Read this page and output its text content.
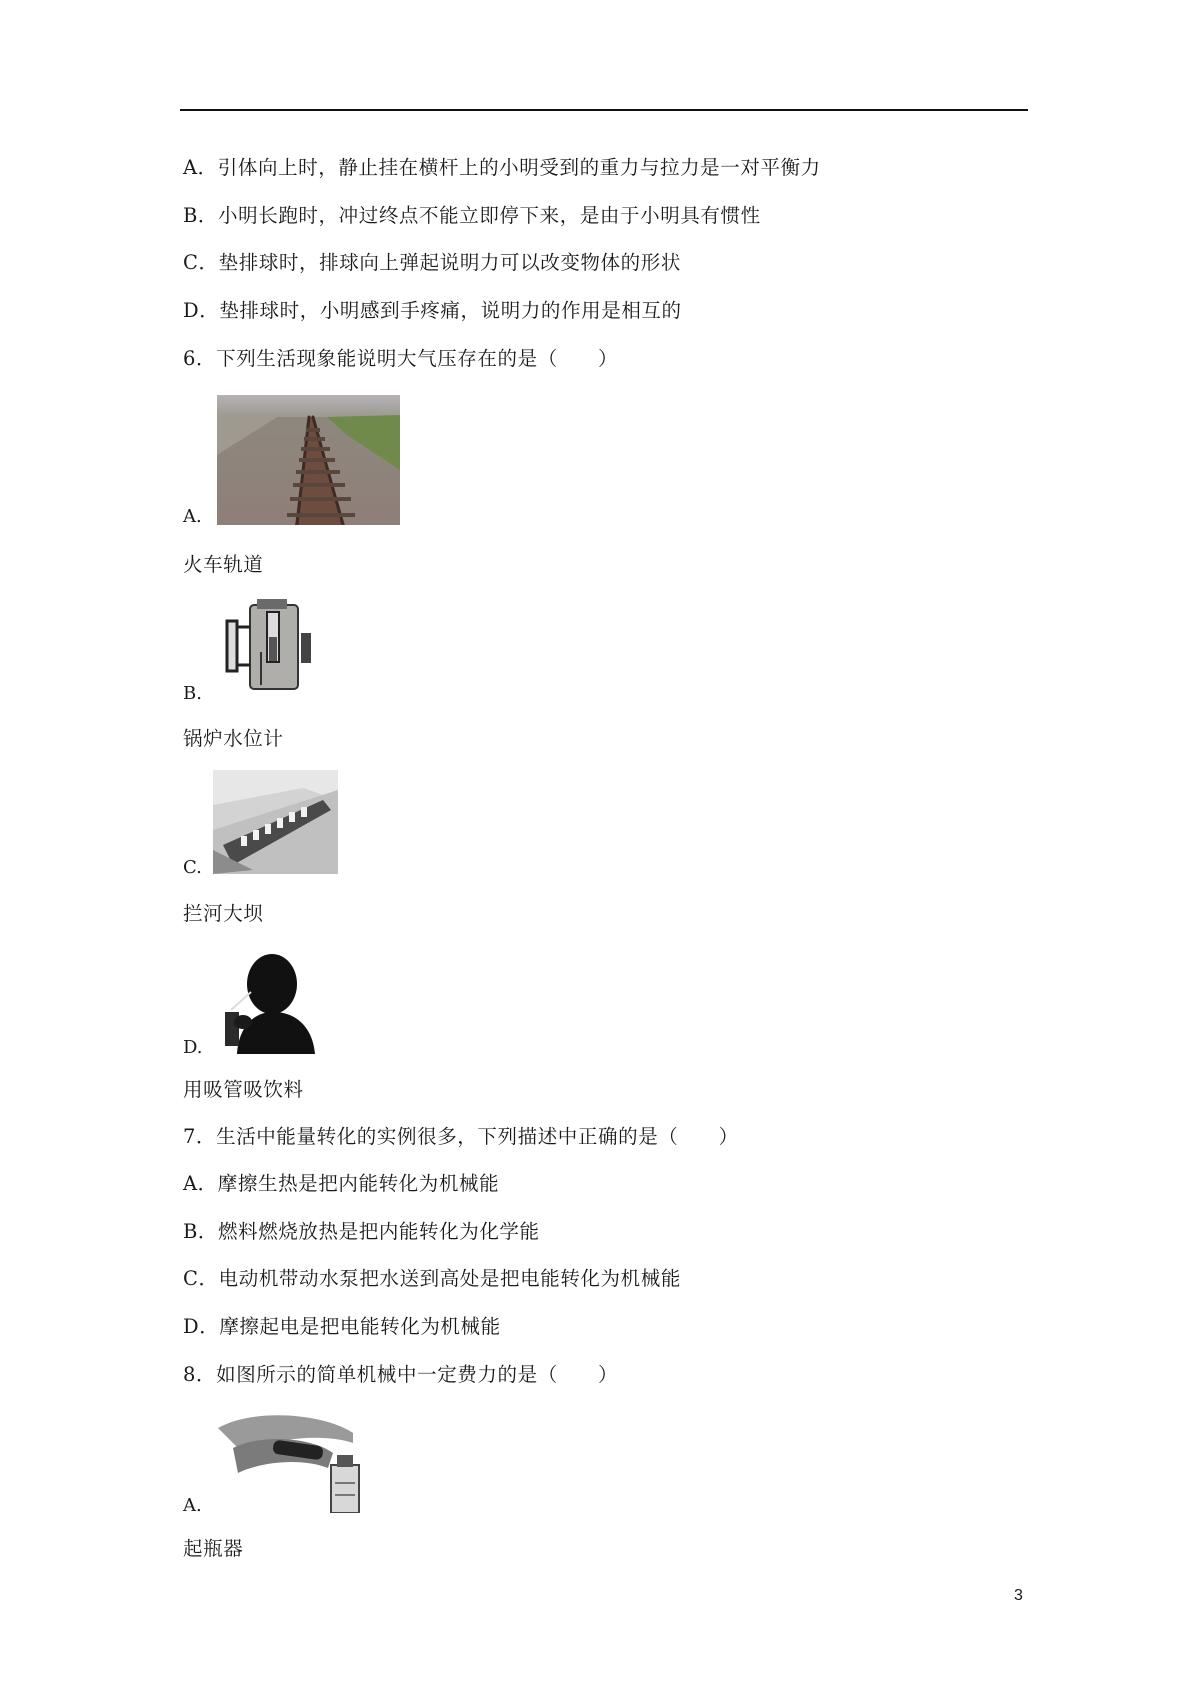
A．引体向上时，静止挂在横杆上的小明受到的重力与拉力是一对平衡力
B．小明长跑时，冲过终点不能立即停下来，是由于小明具有惯性
C．垫排球时，排球向上弹起说明力可以改变物体的形状
D．垫排球时，小明感到手疼痛，说明力的作用是相互的
6．下列生活现象能说明大气压存在的是（　　）
A.
火车轨道
B.
锅炉水位计
C.
拦河大坝
D.
用吸管吸饮料
7．生活中能量转化的实例很多，下列描述中正确的是（　　）
A．摩擦生热是把内能转化为机械能
B．燃料燃烧放热是把内能转化为化学能
C．电动机带动水泵把水送到高处是把电能转化为机械能
D．摩擦起电是把电能转化为机械能
8．如图所示的简单机械中一定费力的是（　　）
A.
起瓶器
3
